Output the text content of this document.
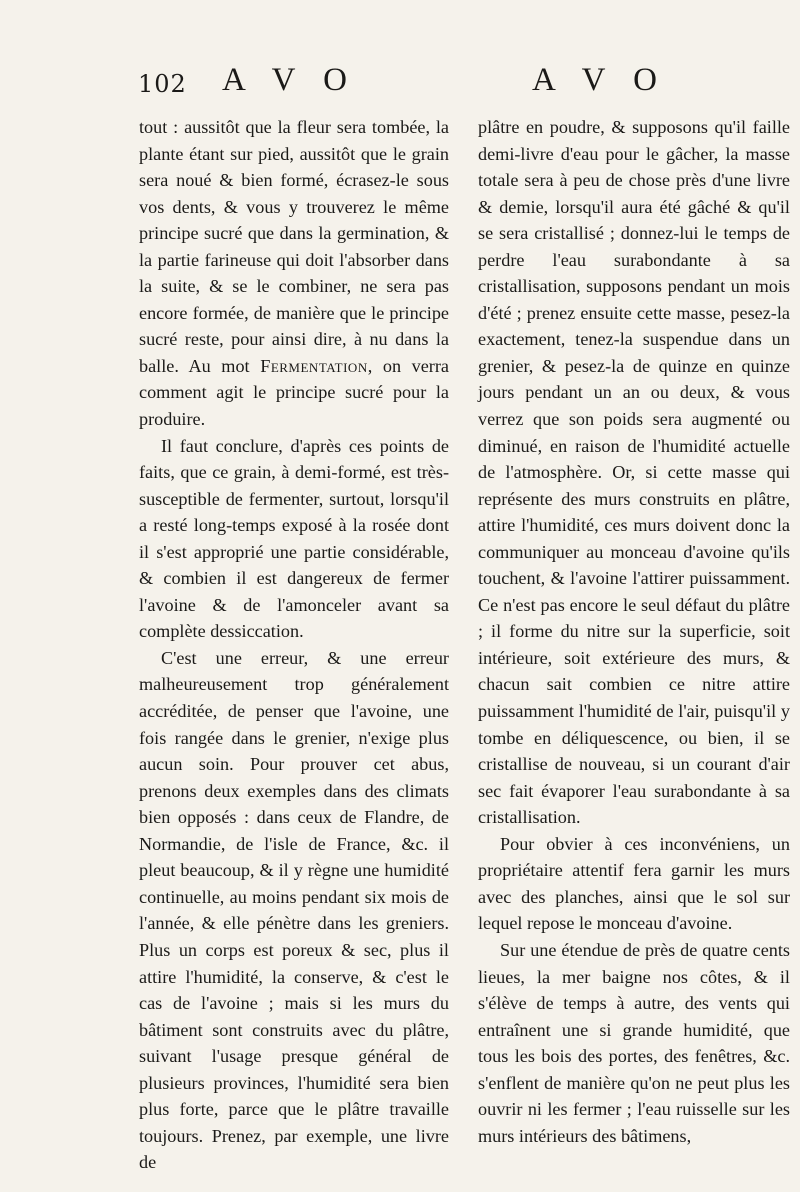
102 A V O	A V O

tout : aussitôt que la fleur sera tombée, la plante étant sur pied, aussitôt que le grain sera noué & bien formé, écrasez-le sous vos dents, & vous y trouverez le même principe sucré que dans la germination, & la partie farineuse qui doit l'absorber dans la suite, & se le combiner, ne sera pas encore formée, de manière que le principe sucré reste, pour ainsi dire, à nu dans la balle. Au mot Fermentation, on verra comment agit le principe sucré pour la produire.

Il faut conclure, d'après ces points de faits, que ce grain, à demi-formé, est très-susceptible de fermenter, surtout, lorsqu'il a resté long-temps exposé à la rosée dont il s'est approprié une partie considérable, & combien il est dangereux de fermer l'avoine & de l'amonceler avant sa complète dessiccation.

C'est une erreur, & une erreur malheureusement trop généralement accréditée, de penser que l'avoine, une fois rangée dans le grenier, n'exige plus aucun soin. Pour prouver cet abus, prenons deux exemples dans des climats bien opposés : dans ceux de Flandre, de Normandie, de l'isle de France, &c. il pleut beaucoup, & il y règne une humidité continuelle, au moins pendant six mois de l'année, & elle pénètre dans les greniers. Plus un corps est poreux & sec, plus il attire l'humidité, la conserve, & c'est le cas de l'avoine ; mais si les murs du bâtiment sont construits avec du plâtre, suivant l'usage presque général de plusieurs provinces, l'humidité sera bien plus forte, parce que le plâtre travaille toujours. Prenez, par exemple, une livre de

plâtre en poudre, & supposons qu'il faille demi-livre d'eau pour le gâcher, la masse totale sera à peu de chose près d'une livre & demie, lorsqu'il aura été gâché & qu'il se sera cristallisé ; donnez-lui le temps de perdre l'eau surabondante à sa cristallisation, supposons pendant un mois d'été ; prenez ensuite cette masse, pesez-la exactement, tenez-la suspendue dans un grenier, & pesez-la de quinze en quinze jours pendant un an ou deux, & vous verrez que son poids sera augmenté ou diminué, en raison de l'humidité actuelle de l'atmosphère. Or, si cette masse qui représente des murs construits en plâtre, attire l'humidité, ces murs doivent donc la communiquer au monceau d'avoine qu'ils touchent, & l'avoine l'attirer puissamment. Ce n'est pas encore le seul défaut du plâtre ; il forme du nitre sur la superficie, soit intérieure, soit extérieure des murs, & chacun sait combien ce nitre attire puissamment l'humidité de l'air, puisqu'il y tombe en déliquescence, ou bien, il se cristallise de nouveau, si un courant d'air sec fait évaporer l'eau surabondante à sa cristallisation.

Pour obvier à ces inconvéniens, un propriétaire attentif fera garnir les murs avec des planches, ainsi que le sol sur lequel repose le monceau d'avoine.

Sur une étendue de près de quatre cents lieues, la mer baigne nos côtes, & il s'élève de temps à autre, des vents qui entraînent une si grande humidité, que tous les bois des portes, des fenêtres, &c. s'enflent de manière qu'on ne peut plus les ouvrir ni les fermer ; l'eau ruisselle sur les murs intérieurs des bâtimens,
